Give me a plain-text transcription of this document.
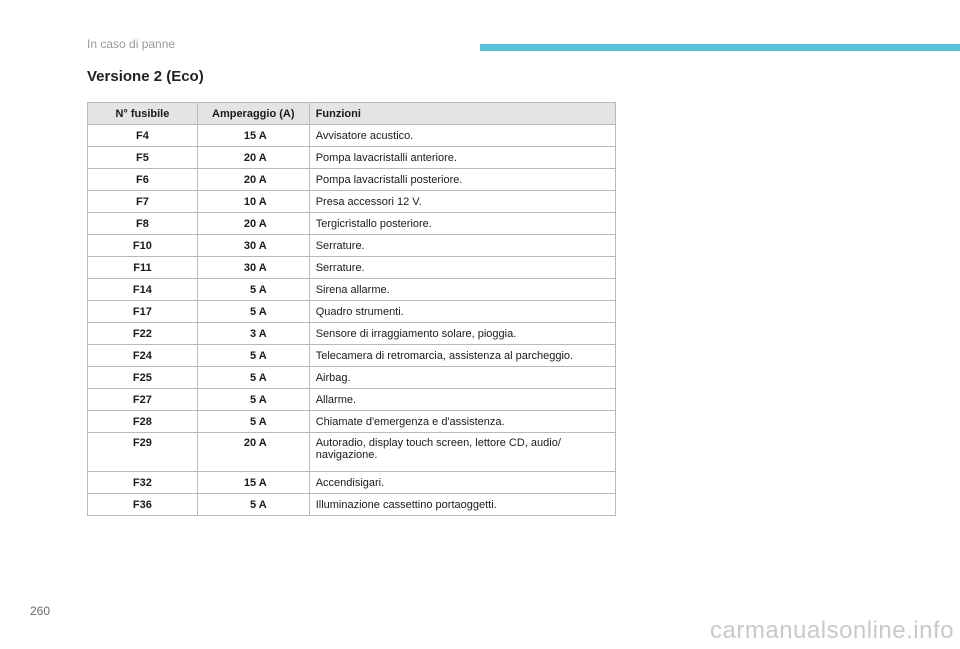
In caso di panne
Versione 2 (Eco)
N° fusibile	Amperaggio (A)	Funzioni
F4	15 A	Avvisatore acustico.
F5	20 A	Pompa lavacristalli anteriore.
F6	20 A	Pompa lavacristalli posteriore.
F7	10 A	Presa accessori 12 V.
F8	20 A	Tergicristallo posteriore.
F10	30 A	Serrature.
F11	30 A	Serrature.
F14	5 A	Sirena allarme.
F17	5 A	Quadro strumenti.
F22	3 A	Sensore di irraggiamento solare, pioggia.
F24	5 A	Telecamera di retromarcia, assistenza al parcheggio.
F25	5 A	Airbag.
F27	5 A	Allarme.
F28	5 A	Chiamate d'emergenza e d'assistenza.
F29	20 A	Autoradio, display touch screen, lettore CD, audio/ navigazione.
F32	15 A	Accendisigari.
F36	5 A	Illuminazione cassettino portaoggetti.
260
carmanualsonline.info
